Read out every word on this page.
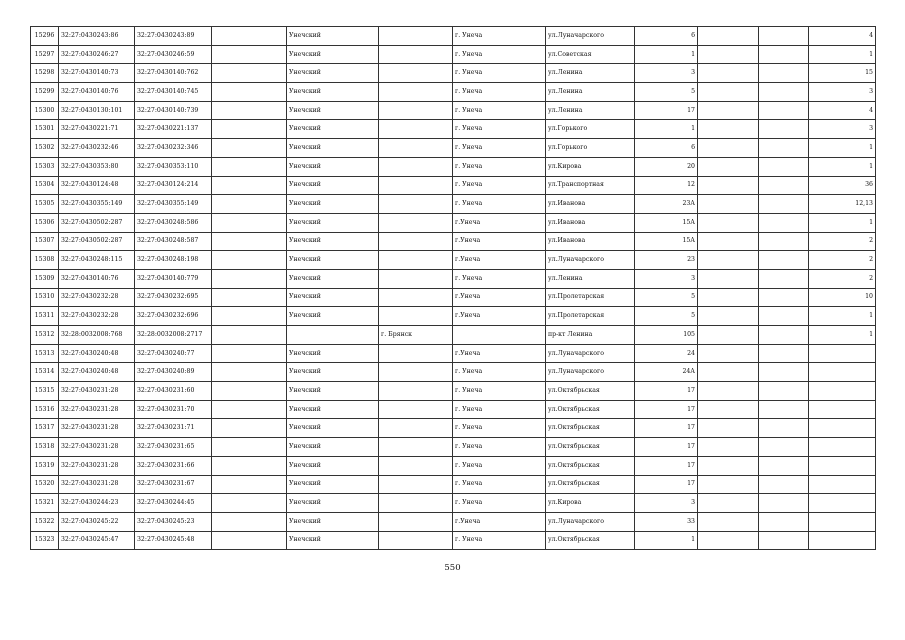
15296	32:27:0430243:86	32:27:0430243:89		Унечский		г. Унеча	ул.Луначарского	6			4
15297	32:27:0430246:27	32:27:0430246:59		Унечский		г. Унеча	ул.Советская	1			1
15298	32:27:0430140:73	32:27:0430140:762		Унечский		г. Унеча	ул.Ленина	3			15
15299	32:27:0430140:76	32:27:0430140:745		Унечский		г. Унеча	ул.Ленина	5			3
15300	32:27:0430130:101	32:27:0430140:739		Унечский		г. Унеча	ул.Ленина	17			4
15301	32:27:0430221:71	32:27:0430221:137		Унечский		г. Унеча	ул.Горького	1			3
15302	32:27:0430232:46	32:27:0430232:346		Унечский		г. Унеча	ул.Горького	6			1
15303	32:27:0430353:80	32:27:0430353:110		Унечский		г. Унеча	ул.Кирова	20			1
15304	32:27:0430124:48	32:27:0430124:214		Унечский		г. Унеча	ул.Транспортная	12			36
15305	32:27:0430355:149	32:27:0430355:149		Унечский		г. Унеча	ул.Иванова	23А			12,13
15306	32:27:0430502:287	32:27:0430248:586		Унечский		г.Унеча	ул.Иванова	15А			1
15307	32:27:0430502:287	32:27:0430248:587		Унечский		г.Унеча	ул.Иванова	15А			2
15308	32:27:0430248:115	32:27:0430248:198		Унечский		г.Унеча	ул.Луначарского	23			2
15309	32:27:0430140:76	32:27:0430140:779		Унечский		г. Унеча	ул.Ленина	3			2
15310	32:27:0430232:28	32:27:0430232:695		Унечский		г.Унеча	ул.Пролетарская	5			10
15311	32:27:0430232:28	32:27:0430232:696		Унечский		г.Унеча	ул.Пролетарская	5			1
15312	32:28:0032008:768	32:28:0032008:2717			г. Брянск		пр-кт Ленина	105			1
15313	32:27:0430240:48	32:27:0430240:77		Унечский		г.Унеча	ул.Луначарского	24			
15314	32:27:0430240:48	32:27:0430240:89		Унечский		г. Унеча	ул.Луначарского	24А			
15315	32:27:0430231:28	32:27:0430231:60		Унечский		г. Унеча	ул.Октябрьская	17			
15316	32:27:0430231:28	32:27:0430231:70		Унечский		г. Унеча	ул.Октябрьская	17			
15317	32:27:0430231:28	32:27:0430231:71		Унечский		г. Унеча	ул.Октябрьская	17			
15318	32:27:0430231:28	32:27:0430231:65		Унечский		г. Унеча	ул.Октябрьская	17			
15319	32:27:0430231:28	32:27:0430231:66		Унечский		г. Унеча	ул.Октябрьская	17			
15320	32:27:0430231:28	32:27:0430231:67		Унечский		г. Унеча	ул.Октябрьская	17			
15321	32:27:0430244:23	32:27:0430244:45		Унечский		г. Унеча	ул.Кирова	3			
15322	32:27:0430245:22	32:27:0430245:23		Унечский		г.Унеча	ул.Луначарского	33			
15323	32:27:0430245:47	32:27:0430245:48		Унечский		г. Унеча	ул.Октябрьская	1			
550
